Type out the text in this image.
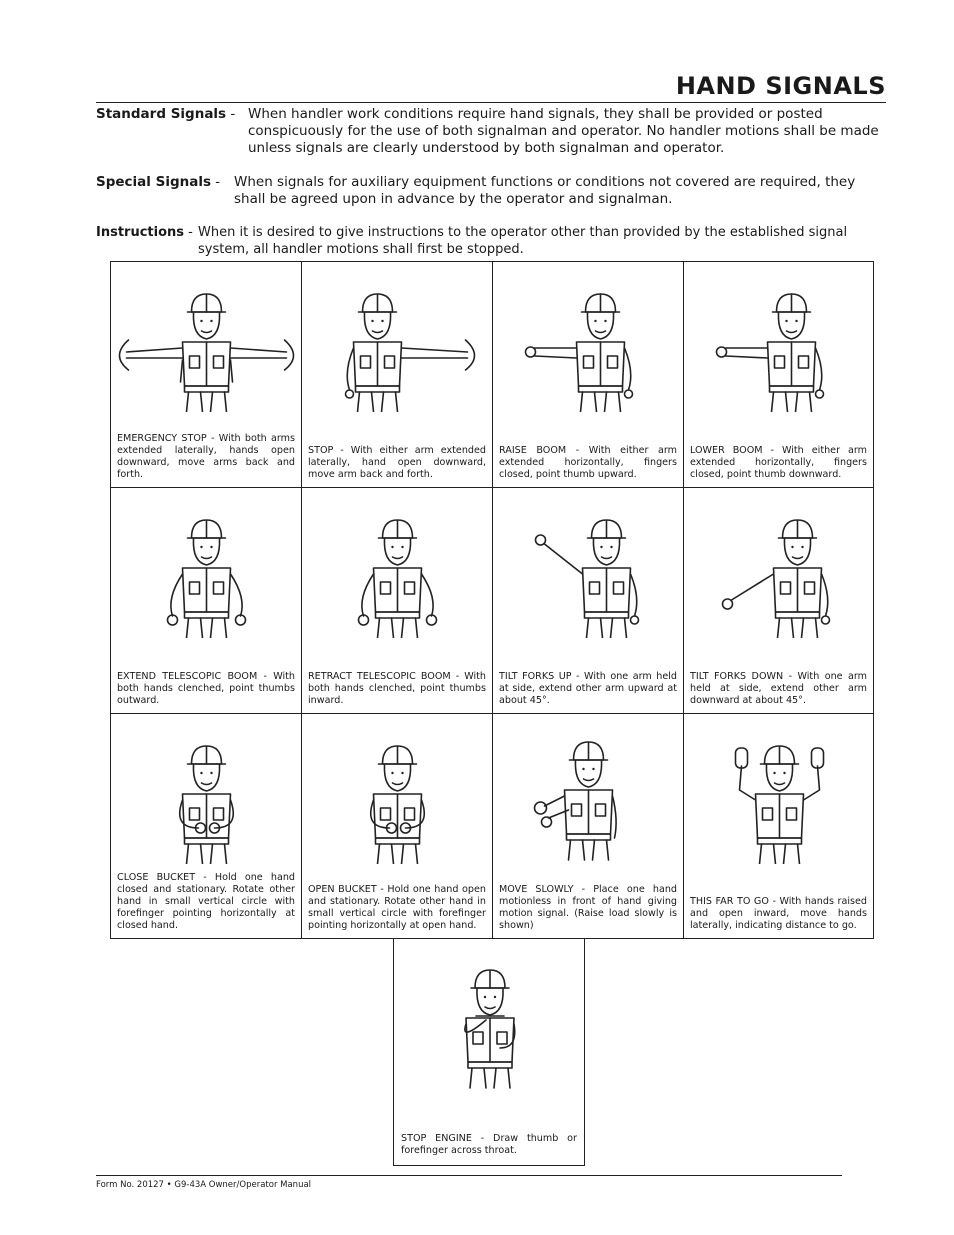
HAND SIGNALS
Standard Signals - When handler work conditions require hand signals, they shall be provided or posted conspicuously for the use of both signalman and operator. No handler motions shall be made unless signals are clearly understood by both signalman and operator.
Special Signals - When signals for auxiliary equipment functions or conditions not covered are required, they shall be agreed upon in advance by the operator and signalman.
Instructions - When it is desired to give instructions to the operator other than provided by the established signal system, all handler motions shall first be stopped.
EMERGENCY STOP - With both arms extended laterally, hands open downward, move arms back and forth.
STOP - With either arm extended laterally, hand open downward, move arm back and forth.
RAISE BOOM - With either arm extended horizontally, fingers closed, point thumb upward.
LOWER BOOM - With either arm extended horizontally, fingers closed, point thumb downward.
EXTEND TELESCOPIC BOOM - With both hands clenched, point thumbs outward.
RETRACT TELESCOPIC BOOM - With both hands clenched, point thumbs inward.
TILT FORKS UP - With one arm held at side, extend other arm upward at about 45°.
TILT FORKS DOWN - With one arm held at side, extend other arm downward at about 45°.
CLOSE BUCKET - Hold one hand closed and stationary. Rotate other hand in small vertical circle with forefinger pointing horizontally at closed hand.
OPEN BUCKET - Hold one hand open and stationary. Rotate other hand in small vertical circle with forefinger pointing horizontally at open hand.
MOVE SLOWLY - Place one hand motionless in front of hand giving motion signal. (Raise load slowly is shown)
THIS FAR TO GO - With hands raised and open inward, move hands laterally, indicating distance to go.
STOP ENGINE - Draw thumb or forefinger across throat.
Form No. 20127 • G9-43A Owner/Operator Manual
